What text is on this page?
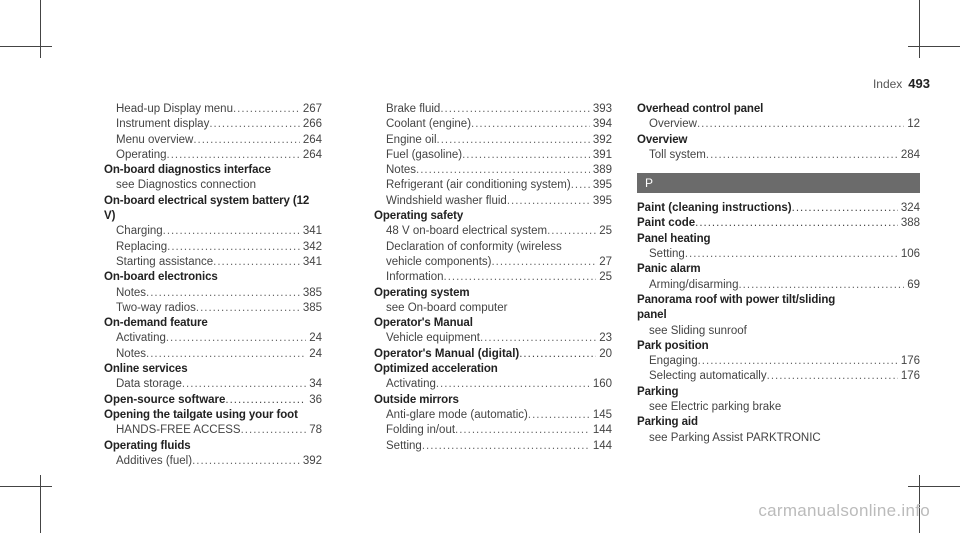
Index 493
Head-up Display menu .....	267
Instrument display .....	266
Menu overview .....	264
Operating .....	264
On-board diagnostics interface
see Diagnostics connection
On-board electrical system battery (12 V)
Charging .....	341
Replacing .....	342
Starting assistance .....	341
On-board electronics
Notes .....	385
Two-way radios .....	385
On-demand feature
Activating .....	24
Notes .....	24
Online services
Data storage .....	34
Open-source software .....	36
Opening the tailgate using your foot
HANDS-FREE ACCESS .....	78
Operating fluids
Additives (fuel) .....	392
Brake fluid .....	393
Coolant (engine) .....	394
Engine oil .....	392
Fuel (gasoline) .....	391
Notes .....	389
Refrigerant (air conditioning system) ..... 395
Windshield washer fluid .....	395
Operating safety
48 V on-board electrical system .....	25
Declaration of conformity (wireless
vehicle components) .....	27
Information .....	25
Operating system
see On-board computer
Operator's Manual
Vehicle equipment .....	23
Operator's Manual (digital) .....	20
Optimized acceleration
Activating .....	160
Outside mirrors
Anti-glare mode (automatic) .....	145
Folding in/out .....	144
Setting .....	144
Overhead control panel
Overview .....	12
Overview
Toll system .....	284
P
Paint (cleaning instructions) .....	324
Paint code .....	388
Panel heating
Setting .....	106
Panic alarm
Arming/disarming .....	69
Panorama roof with power tilt/sliding
panel
see Sliding sunroof
Park position
Engaging .....	176
Selecting automatically .....	176
Parking
see Electric parking brake
Parking aid
see Parking Assist PARKTRONIC
carmanualsonline.info
